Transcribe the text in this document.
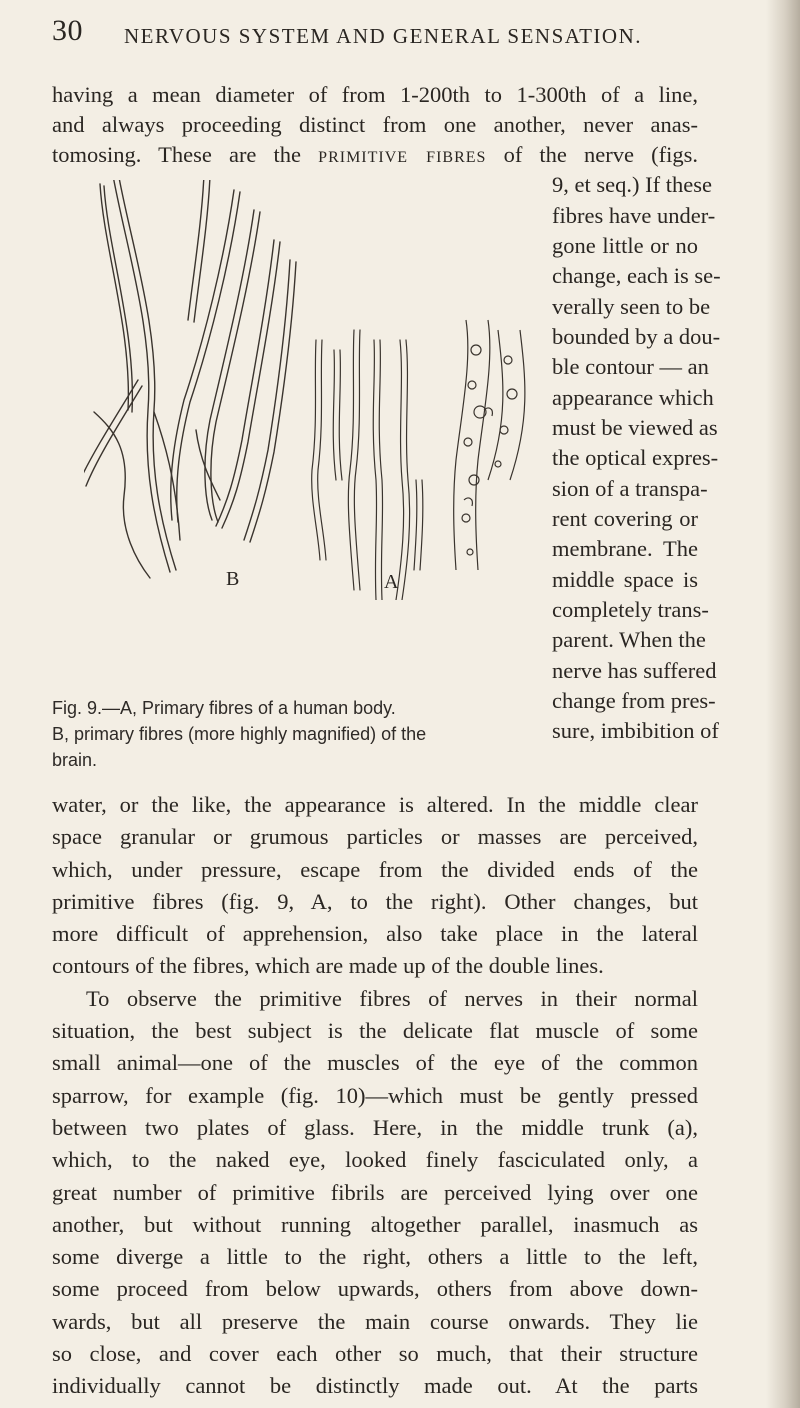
30 NERVOUS SYSTEM AND GENERAL SENSATION.
having a mean diameter of from 1-200th to 1-300th of a line,
and always proceeding distinct from one another, never anas-
tomosing. These are the primitive fibres of the nerve (figs.
9, et seq.) If these
fibres have under-
gone little or no
change, each is se-
verally seen to be
bounded by a dou-
ble contour — an
appearance which
must be viewed as
the optical expres-
sion of a transpa-
rent covering or
membrane. The
middle space is
completely trans-
parent. When the
nerve has suffered
change from pres-
sure, imbibition of
B	A
Fig. 9.—A, Primary fibres of a human body.
B, primary fibres (more highly magnified) of the
brain.
water, or the like, the appearance is altered. In the middle clear
space granular or grumous particles or masses are perceived,
which, under pressure, escape from the divided ends of the
primitive fibres (fig. 9, A, to the right). Other changes, but
more difficult of apprehension, also take place in the lateral
contours of the fibres, which are made up of the double lines.
To observe the primitive fibres of nerves in their normal
situation, the best subject is the delicate flat muscle of some
small animal—one of the muscles of the eye of the common
sparrow, for example (fig. 10)—which must be gently pressed
between two plates of glass. Here, in the middle trunk (a),
which, to the naked eye, looked finely fasciculated only, a
great number of primitive fibrils are perceived lying over one
another, but without running altogether parallel, inasmuch as
some diverge a little to the right, others a little to the left,
some proceed from below upwards, others from above down-
wards, but all preserve the main course onwards. They lie
so close, and cover each other so much, that their structure
individually cannot be distinctly made out. At the parts
